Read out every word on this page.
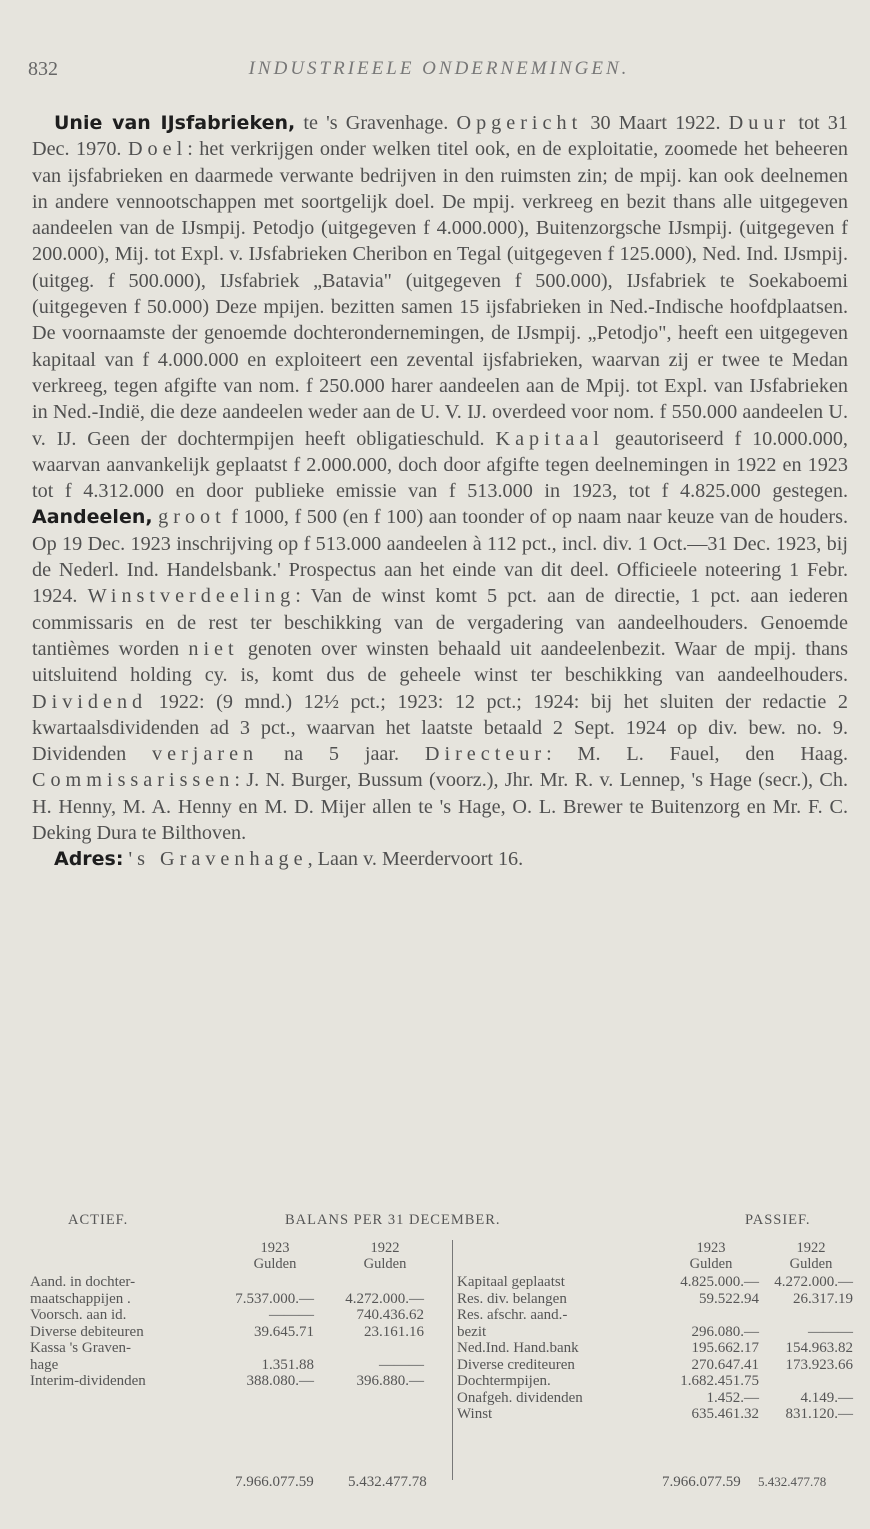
832	INDUSTRIEELE ONDERNEMINGEN.

Unie van IJsfabrieken, te 's Gravenhage. Opgericht 30 Maart 1922. Duur tot 31 Dec. 1970. Doel: het verkrijgen onder welken titel ook, en de exploitatie, zoomede het beheeren van ijsfabrieken en daarmede verwante bedrijven in den ruimsten zin; de mpij. kan ook deelnemen in andere vennootschappen met soortgelijk doel. De mpij. verkreeg en bezit thans alle uitgegeven aandeelen van de IJsmpij. Petodjo (uitgegeven f 4.000.000), Buitenzorgsche IJsmpij. (uitgegeven f 200.000), Mij. tot Expl. v. IJsfabrieken Cheribon en Tegal (uitgegeven f 125.000), Ned. Ind. IJsmpij. (uitgeg. f 500.000), IJsfabriek „Batavia" (uitgegeven f 500.000), IJsfabriek te Soekaboemi (uitgegeven f 50.000) Deze mpijen. bezitten samen 15 ijsfabrieken in Ned.-Indische hoofdplaatsen. De voornaamste der genoemde dochterondernemingen, de IJsmpij. „Petodjo", heeft een uitgegeven kapitaal van f 4.000.000 en exploiteert een zevental ijsfabrieken, waarvan zij er twee te Medan verkreeg, tegen afgifte van nom. f 250.000 harer aandeelen aan de Mpij. tot Expl. van IJsfabrieken in Ned.-Indië, die deze aandeelen weder aan de U. V. IJ. overdeed voor nom. f 550.000 aandeelen U. v. IJ. Geen der dochtermpijen heeft obligatieschuld. Kapitaal geautoriseerd f 10.000.000, waarvan aanvankelijk geplaatst f 2.000.000, doch door afgifte tegen deelnemingen in 1922 en 1923 tot f 4.312.000 en door publieke emissie van f 513.000 in 1923, tot f 4.825.000 gestegen. Aandeelen, groot f 1000, f 500 (en f 100) aan toonder of op naam naar keuze van de houders. Op 19 Dec. 1923 inschrijving op f 513.000 aandeelen à 112 pct., incl. div. 1 Oct.—31 Dec. 1923, bij de Nederl. Ind. Handelsbank.' Prospectus aan het einde van dit deel. Officieele noteering 1 Febr. 1924. Winstverdeeling: Van de winst komt 5 pct. aan de directie, 1 pct. aan iederen commissaris en de rest ter beschikking van de vergadering van aandeelhouders. Genoemde tantièmes worden niet genoten over winsten behaald uit aandeelenbezit. Waar de mpij. thans uitsluitend holding cy. is, komt dus de geheele winst ter beschikking van aandeelhouders. Dividend 1922: (9 mnd.) 12½ pct.; 1923: 12 pct.; 1924: bij het sluiten der redactie 2 kwartaalsdividenden ad 3 pct., waarvan het laatste betaald 2 Sept. 1924 op div. bew. no. 9. Dividenden verjaren na 5 jaar. Directeur: M. L. Fauel, den Haag. Commissarissen: J. N. Burger, Bussum (voorz.), Jhr. Mr. R. v. Lennep, 's Hage (secr.), Ch. H. Henny, M. A. Henny en M. D. Mijer allen te 's Hage, O. L. Brewer te Buitenzorg en Mr. F. C. Deking Dura te Bilthoven.

Adres: 's Gravenhage, Laan v. Meerdervoort 16.

ACTIEF.	BALANS PER 31 DECEMBER.	PASSIEF.
1923
Gulden
1922
Gulden
Aand. in dochter-
maatschappijen .	7.537.000.— 4.272.000.—
Voorsch. aan id.	———	740.436.62
Diverse debiteuren	39.645.71	23.161.16
Kassa 's Graven-
hage	1.351.88	———
Interim-dividenden	388.080.—	396.880.—
1923
Gulden
1922
Gulden
Kapitaal geplaatst	4.825.000.— 4.272.000.—
Res. div. belangen	59.522.94 26.317.19
Res. afschr. aand.-
bezit	296.080.—	———
Ned.Ind. Hand.bank	195.662.17 154.963.82
Diverse crediteuren	270.647.41 173.923.66
Dochtermpijen.	1.682.451.75
Onafgeh. dividenden	1.452.—	4.149.—
Winst	635.461.32 831.120.—
7.966.077.59 5.432.477.78	7.966.077.59 5.432.477.78
